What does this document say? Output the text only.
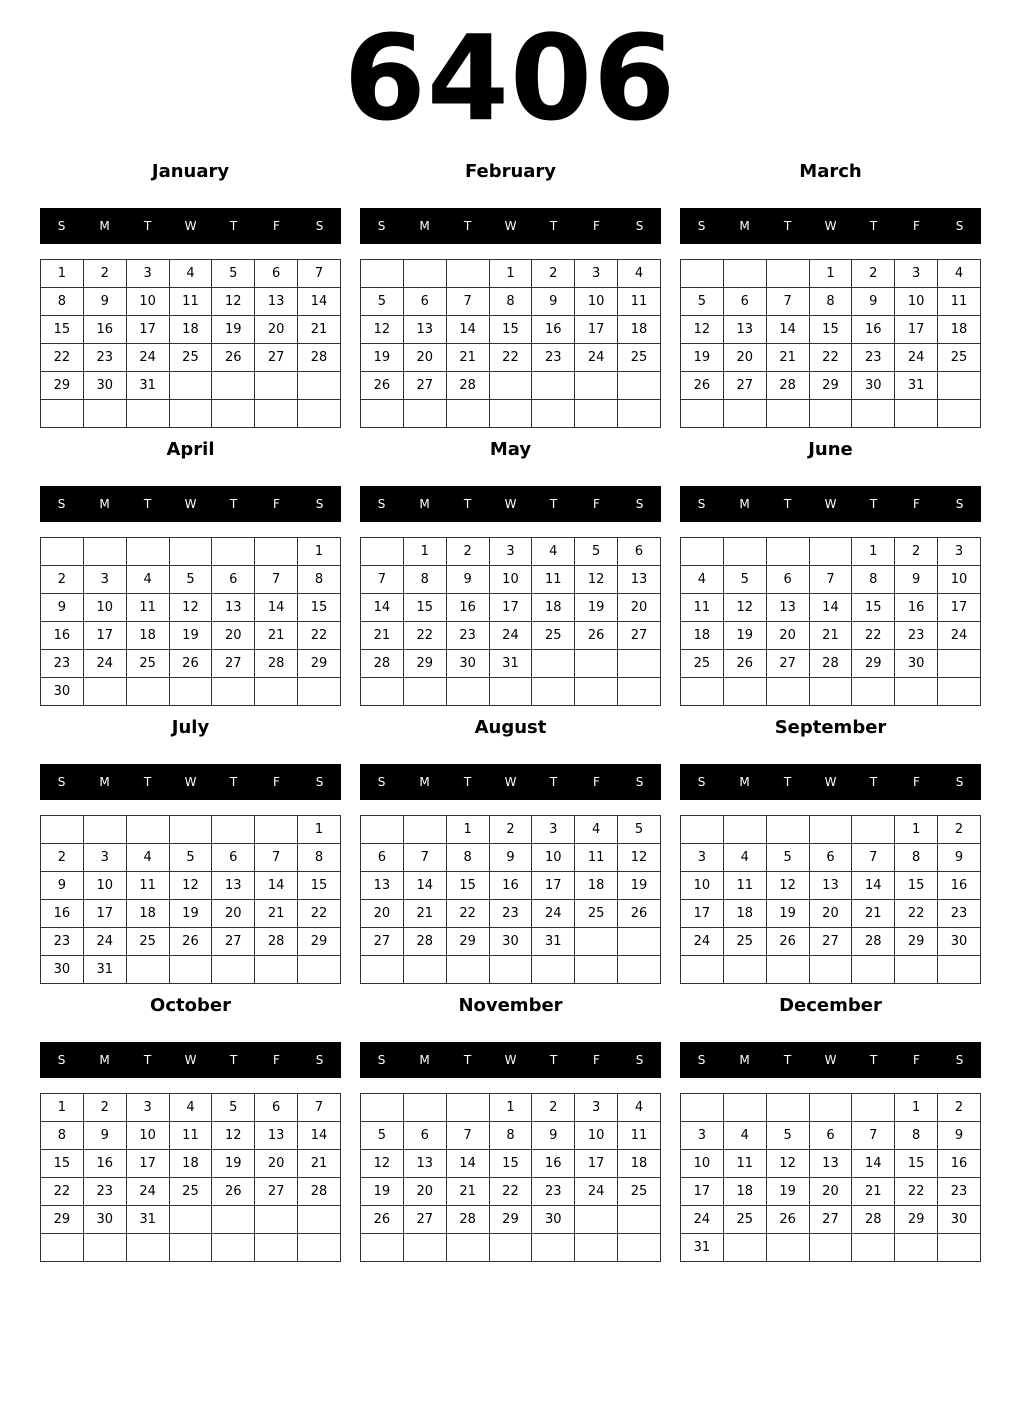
6406
January
S	M	T	W	T	F	S
1	2	3	4	5	6	7
8	9	10	11	12	13	14
15	16	17	18	19	20	21
22	23	24	25	26	27	28
29	30	31				

February
S	M	T	W	T	F	S
			1	2	3	4
5	6	7	8	9	10	11
12	13	14	15	16	17	18
19	20	21	22	23	24	25
26	27	28				

March
S	M	T	W	T	F	S
			1	2	3	4
5	6	7	8	9	10	11
12	13	14	15	16	17	18
19	20	21	22	23	24	25
26	27	28	29	30	31	

April
S	M	T	W	T	F	S
						1
2	3	4	5	6	7	8
9	10	11	12	13	14	15
16	17	18	19	20	21	22
23	24	25	26	27	28	29
30						
May
S	M	T	W	T	F	S
	1	2	3	4	5	6
7	8	9	10	11	12	13
14	15	16	17	18	19	20
21	22	23	24	25	26	27
28	29	30	31			

June
S	M	T	W	T	F	S
				1	2	3
4	5	6	7	8	9	10
11	12	13	14	15	16	17
18	19	20	21	22	23	24
25	26	27	28	29	30	

July
S	M	T	W	T	F	S
						1
2	3	4	5	6	7	8
9	10	11	12	13	14	15
16	17	18	19	20	21	22
23	24	25	26	27	28	29
30	31					
August
S	M	T	W	T	F	S
		1	2	3	4	5
6	7	8	9	10	11	12
13	14	15	16	17	18	19
20	21	22	23	24	25	26
27	28	29	30	31		

September
S	M	T	W	T	F	S
					1	2
3	4	5	6	7	8	9
10	11	12	13	14	15	16
17	18	19	20	21	22	23
24	25	26	27	28	29	30

October
S	M	T	W	T	F	S
1	2	3	4	5	6	7
8	9	10	11	12	13	14
15	16	17	18	19	20	21
22	23	24	25	26	27	28
29	30	31				

November
S	M	T	W	T	F	S
			1	2	3	4
5	6	7	8	9	10	11
12	13	14	15	16	17	18
19	20	21	22	23	24	25
26	27	28	29	30		

December
S	M	T	W	T	F	S
					1	2
3	4	5	6	7	8	9
10	11	12	13	14	15	16
17	18	19	20	21	22	23
24	25	26	27	28	29	30
31						
